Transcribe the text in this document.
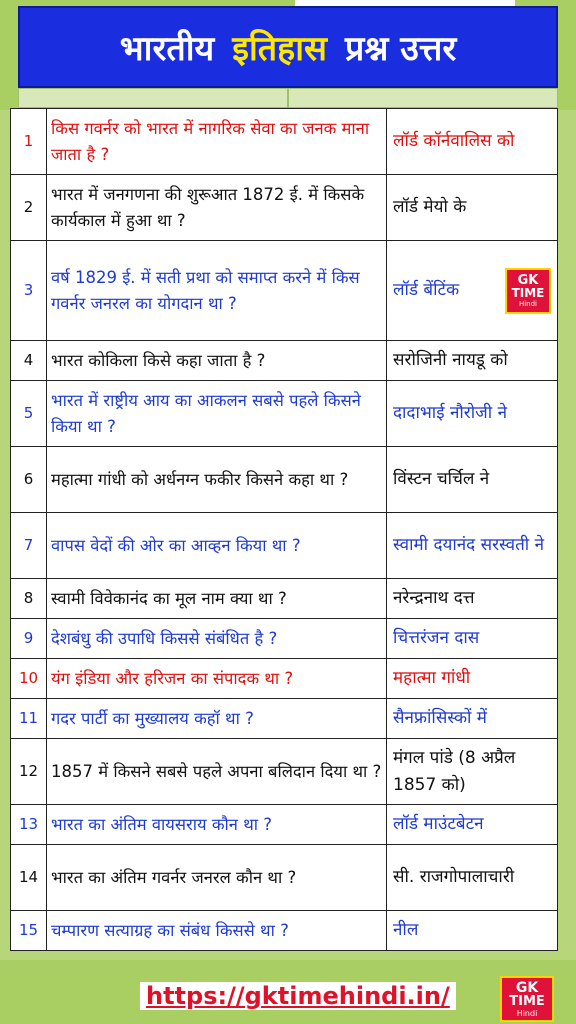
भारतीय इतिहास प्रश्न उत्तर
1	किस गवर्नर को भारत में नागरिक सेवा का जनक माना जाता है ?	लॉर्ड कॉर्नवालिस को
2	भारत में जनगणना की शुरूआत 1872 ई. में किसके कार्यकाल में हुआ था ?	लॉर्ड मेयो के
3	वर्ष 1829 ई. में सती प्रथा को समाप्त करने में किस गवर्नर जनरल का योगदान था ?	लॉर्ड बेंटिंक
GK
TIME
Hindi

4	भारत कोकिला किसे कहा जाता है ?	सरोजिनी नायडू को
5	भारत में राष्ट्रीय आय का आकलन सबसे पहले किसने किया था ?	दादाभाई नौरोजी ने
6	महात्मा गांधी को अर्धनग्न फकीर किसने कहा था ?	विंस्टन चर्चिल ने
7	वापस वेदों की ओर का आव्हन किया था ?	स्वामी दयानंद सरस्वती ने
8	स्वामी विवेकानंद का मूल नाम क्या था ?	नरेन्द्रनाथ दत्त
9	देशबंधु की उपाधि किससे संबंधित है ?	चित्तरंजन दास
10	यंग इंडिया और हरिजन का संपादक था ?	महात्मा गांधी
11	गदर पार्टी का मुख्यालय कहॉ था ?	सैनफ्रांसिस्कों में
12	1857 में किसने सबसे पहले अपना बलिदान दिया था ?	मंगल पांडे (8 अप्रैल 1857 को)
13	भारत का अंतिम वायसराय कौन था ?	लॉर्ड माउंटबेटन
14	भारत का अंतिम गवर्नर जनरल कौन था ?	सी. राजगोपालाचारी
15	चम्पारण सत्याग्रह का संबंध किससे था ?	नील
https://gktimehindi.in/	GK
TIME
Hindi
